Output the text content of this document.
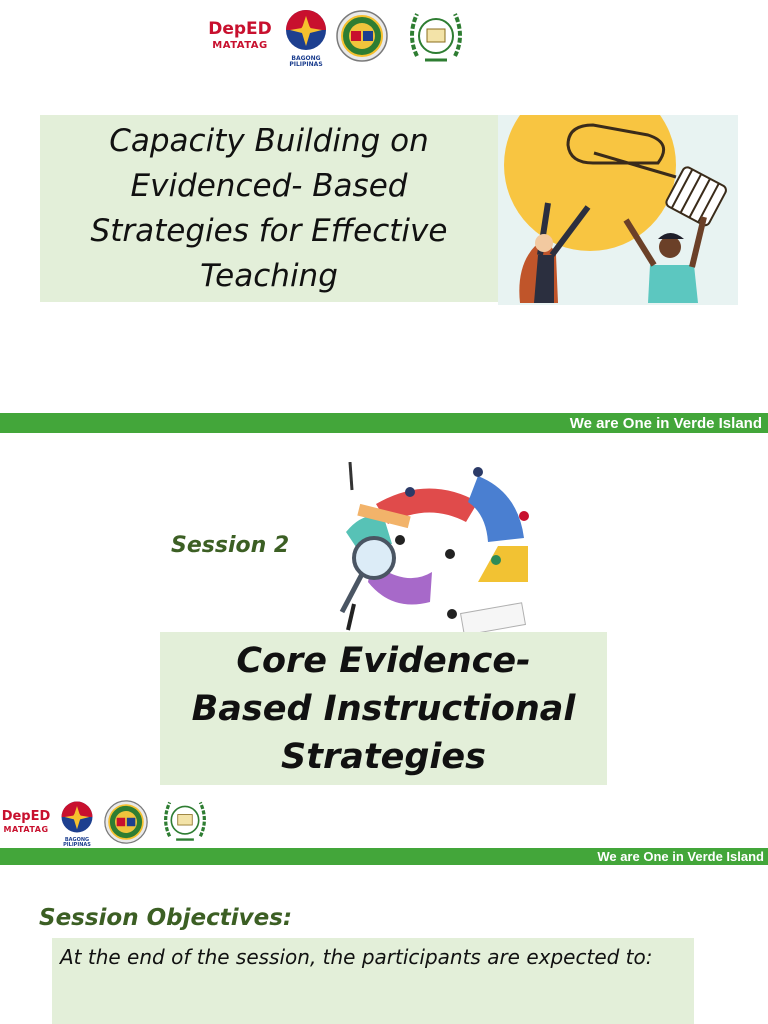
DepED
MATATAG
BAGONG PILIPINAS
Capacity Building on
Evidenced- Based
Strategies for Effective
Teaching
We are One in Verde Island
Session 2
Core Evidence-
Based Instructional
Strategies
DepED
MATATAG
BAGONG PILIPINAS
We are One in Verde Island
Session Objectives:
At the end of the session, the participants are expected to:
